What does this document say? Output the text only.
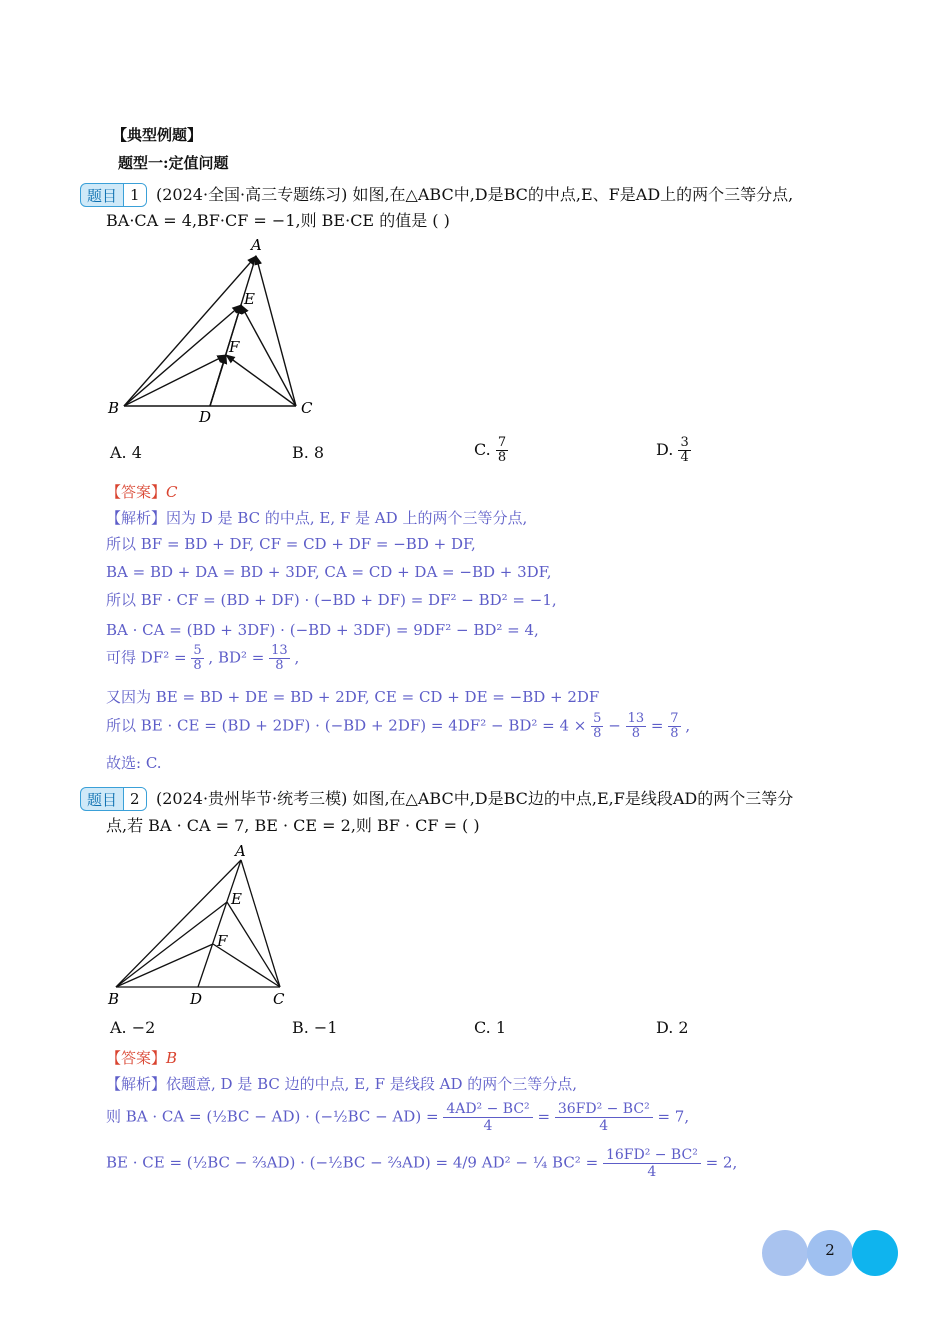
【典型例题】
题型一:定值问题
题目 1	(2024·全国·高三专题练习) 如图,在△ABC中,D是BC的中点,E、F是AD上的两个三等分点,
BA·CA = 4,BF·CF = −1,则 BE·CE 的值是 ( )
A
E
F
B	D	C
A. 4	B. 8	C. $\frac{7}{8}$	D. $\frac{3}{4}$
【答案】C
【解析】因为 D 是 BC 的中点, E, F 是 AD 上的两个三等分点,
所以 BF = BD + DF, CF = CD + DF = −BD + DF,
BA = BD + DA = BD + 3DF, CA = CD + DA = −BD + 3DF,
所以 BF · CF = (BD + DF) · (−BD + DF) = DF² − BD² = −1,
BA · CA = (BD + 3DF) · (−BD + 3DF) = 9DF² − BD² = 4,
可得 $DF^2 = \frac{5}{8}$ , $BD^2 = \frac{13}{8}$ ,
又因为 BE = BD + DE = BD + 2DF, CE = CD + DE = −BD + 2DF
所以 BE · CE = $(BD + 2DF) \cdot (-BD + 2DF) = 4DF^2 - BD^2 = 4 \times \frac{5}{8} - \frac{13}{8} = \frac{7}{8}$ ,
故选: C.
题目 2	(2024·贵州毕节·统考三模) 如图,在△ABC中,D是BC边的中点,E,F是线段AD的两个三等分
点,若 BA · CA = 7, BE · CE = 2,则 BF · CF = ( )
A
E
F
B	D	C
A. −2	B. −1	C. 1	D. 2
【答案】B
【解析】依题意, D 是 BC 边的中点, E, F 是线段 AD 的两个三等分点,
则 BA · CA = (½BC − AD) · (−½BC − $AD) = \frac{\text{4AD² − BC²}}{4} = \frac{\text{36FD² − BC²}}{4} = 7$,
BE · CE = (½BC − ⅔AD) · (−½BC − ⅔AD) = 4/9 AD² − ¼ $BC^2 = \frac{\text{16FD² − BC²}}{4} = 2$,
2
